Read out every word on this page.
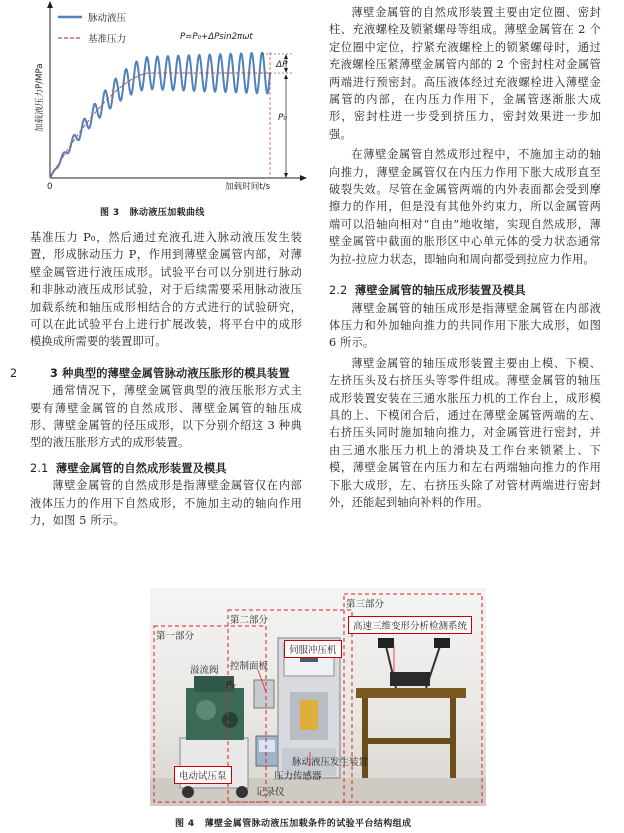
脉动液压
基准压力	P=P₀+ΔPsin2πωt
加载液压力P/MPa
加载时间t/s
0
ΔP
P₀
图 3 脉动液压加载曲线

基准压力 P₀，然后通过充液孔进入脉动液压发生装置，形成脉动压力 P，作用到薄壁金属管内部，对薄壁金属管进行液压成形。试验平台可以分别进行脉动和非脉动液压成形试验，对于后续需要采用脉动液压加载系统和轴压成形相结合的方式进行的试验研究，可以在此试验平台上进行扩展改装，将平台中的成形模换成所需要的装置即可。

2	3 种典型的薄壁金属管脉动液压胀形的模具装置

通常情况下，薄壁金属管典型的液压胀形方式主要有薄壁金属管的自然成形、薄壁金属管的轴压成形、薄壁金属管的径压成形，以下分别介绍这 3 种典型的液压胀形方式的成形装置。

2.1 薄壁金属管的自然成形装置及模具

薄壁金属管的自然成形是指薄壁金属管仅在内部液体压力的作用下自然成形，不施加主动的轴向作用力，如图 5 所示。

薄壁金属管的自然成形装置主要由定位圈、密封柱、充液螺栓及锁紧螺母等组成。薄壁金属管在 2 个定位圈中定位，拧紧充液螺栓上的锁紧螺母时，通过充液螺栓压紧薄壁金属管内部的 2 个密封柱对金属管两端进行预密封。高压液体经过充液螺栓进入薄壁金属管的内部，在内压力作用下，金属管逐渐胀大成形，密封柱进一步受到挤压力，密封效果进一步加强。

在薄壁金属管自然成形过程中，不施加主动的轴向推力，薄壁金属管仅在内压力作用下胀大成形直至破裂失效。尽管在金属管两端的内外表面都会受到摩擦力的作用，但是没有其他外约束力，所以金属管两端可以沿轴向相对“自由”地收缩，实现自然成形，薄壁金属管中截面的胀形区中心单元体的受力状态通常为拉-拉应力状态，即轴向和周向都受到拉应力作用。

2.2 薄壁金属管的轴压成形装置及模具

薄壁金属管的轴压成形是指薄壁金属管在内部液体压力和外加轴向推力的共同作用下胀大成形，如图 6 所示。

薄壁金属管的轴压成形装置主要由上模、下模、左挤压头及右挤压头等零件组成。薄壁金属管的轴压成形装置安装在三通水胀压力机的工作台上，成形模具的上、下模闭合后，通过在薄壁金属管两端的左、右挤压头同时施加轴向推力，对金属管进行密封，并由三通水胀压力机上的滑块及工作台来锁紧上、下模，薄壁金属管在内压力和左右两端轴向推力的作用下胀大成形，左、右挤压头除了对管材两端进行密封外，还能起到轴向补料的作用。

第一部分
第二部分
第三部分
溢流阀
P₀
控制面板
伺服冲压机
高速三维变形分析检测系统
脉动液压发生装置
压力传感器
电动试压泵
记录仪
图 4 薄壁金属管脉动液压加载条件的试验平台结构组成
